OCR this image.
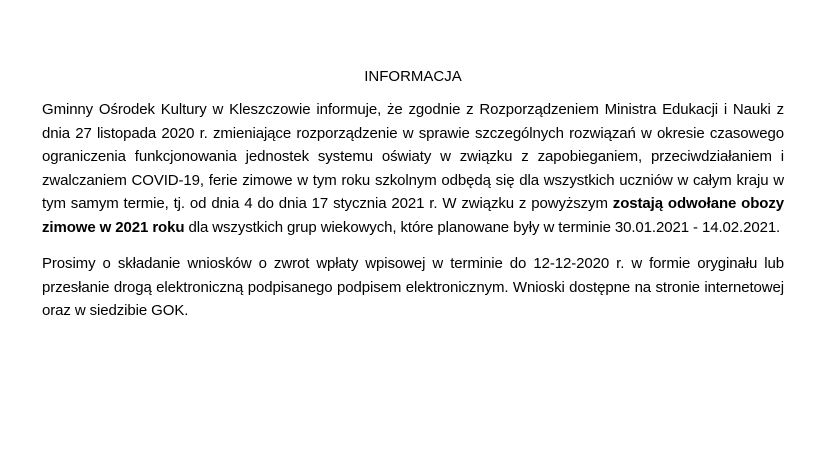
INFORMACJA

Gminny Ośrodek Kultury w Kleszczowie informuje, że zgodnie z Rozporządzeniem Ministra Edukacji i Nauki z dnia 27 listopada 2020 r. zmieniające rozporządzenie w sprawie szczególnych rozwiązań w okresie czasowego ograniczenia funkcjonowania jednostek systemu oświaty w związku z zapobieganiem, przeciwdziałaniem i zwalczaniem COVID-19, ferie zimowe w tym roku szkolnym odbędą się dla wszystkich uczniów w całym kraju w tym samym termie, tj. od dnia 4 do dnia 17 stycznia 2021 r. W związku z powyższym zostają odwołane obozy zimowe w 2021 roku dla wszystkich grup wiekowych, które planowane były w terminie 30.01.2021 - 14.02.2021.

Prosimy o składanie wniosków o zwrot wpłaty wpisowej w terminie do 12-12-2020 r. w formie oryginału lub przesłanie drogą elektroniczną podpisanego podpisem elektronicznym. Wnioski dostępne na stronie internetowej oraz w siedzibie GOK.
